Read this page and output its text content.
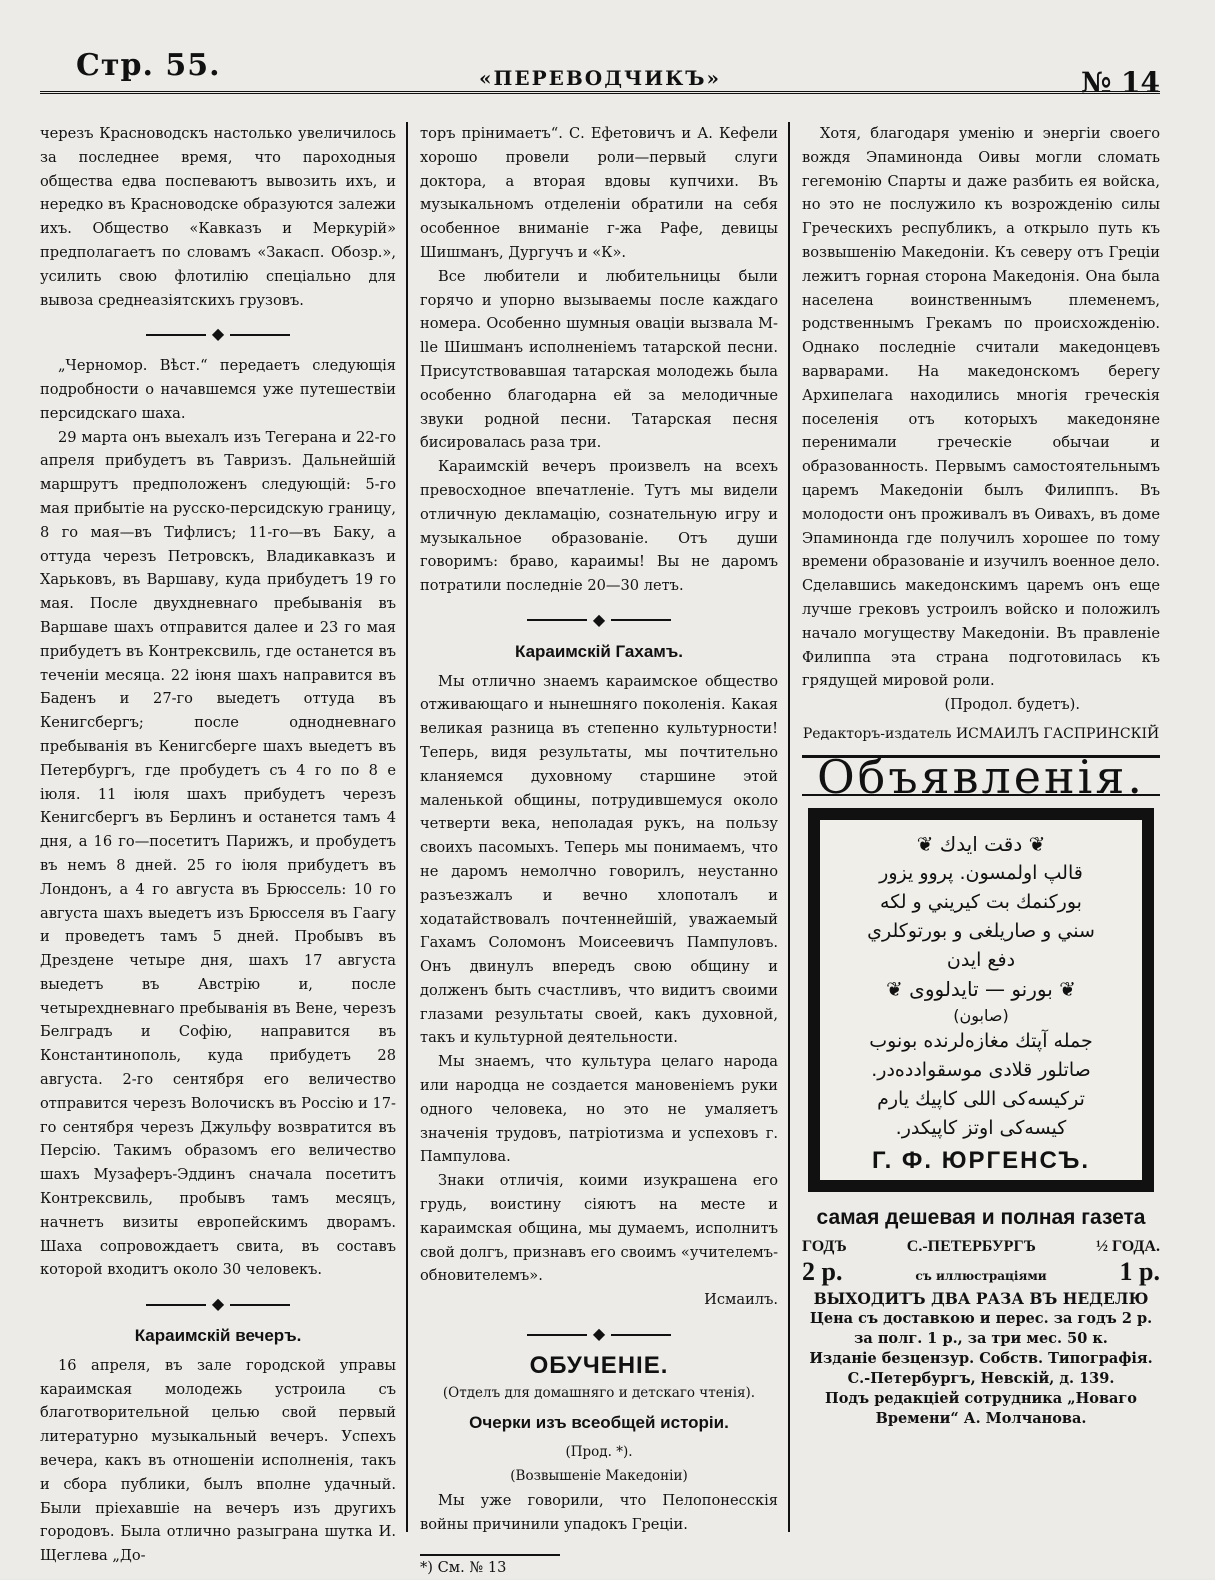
Стр. 55.	«ПЕРЕВОДЧИКЪ»	№ 14

черезъ Красноводскъ настолько увеличилось за последнее время, что пароходныя общества едва поспеваютъ вывозить ихъ, и нередко въ Красноводске образуются залежи ихъ. Общество «Кавказъ и Меркурiй» предполагаетъ по словамъ «Закасп. Обозр.», усилить свою флотилiю спецiально для вывоза среднеазiятскихъ грузовъ.

◆

„Черномор. Вѣст.“ передаетъ следующiя подробности о начавшемся уже путешествiи персидскаго шаха.

29 марта онъ выехалъ изъ Тегерана и 22-го апреля прибудетъ въ Тавризъ. Дальнейшiй маршрутъ предположенъ следующiй: 5-го мая прибытiе на русско-персидскую границу, 8 го мая—въ Тифлисъ; 11-го—въ Баку, а оттуда черезъ Петровскъ, Владикавказъ и Харьковъ, въ Варшаву, куда прибудетъ 19 го мая. После двухдневнаго пребыванiя въ Варшаве шахъ отправится далее и 23 го мая прибудетъ въ Контрексвиль, где останется въ теченiи месяца. 22 iюня шахъ направится въ Баденъ и 27-го выедетъ оттуда въ Кенигсбергъ; после однодневнаго пребыванiя въ Кенигсберге шахъ выедетъ въ Петербургъ, где пробудетъ съ 4 го по 8 е iюля. 11 iюля шахъ прибудетъ черезъ Кенигсбергъ въ Берлинъ и останется тамъ 4 дня, а 16 го—посетитъ Парижъ, и пробудетъ въ немъ 8 дней. 25 го iюля прибудетъ въ Лондонъ, а 4 го августа въ Брюссель: 10 го августа шахъ выедетъ изъ Брюсселя въ Гаагу и проведетъ тамъ 5 дней. Пробывъ въ Дрездене четыре дня, шахъ 17 августа выедетъ въ Австрiю и, после четырехдневнаго пребыванiя въ Вене, черезъ Белградъ и Софiю, направится въ Константинополь, куда прибудетъ 28 августа. 2-го сентября его величество отправится черезъ Волочискъ въ Россiю и 17-го сентября черезъ Джульфу возвратится въ Персiю. Такимъ образомъ его величество шахъ Музаферъ-Эддинъ сначала посетитъ Контрексвиль, пробывъ тамъ месяцъ, начнетъ визиты европейскимъ дворамъ. Шаха сопровождаетъ свита, въ составъ которой входитъ около 30 человекъ.

◆
Караимскiй вечеръ.

16 апреля, въ зале городской управы караимская молодежь устроила съ благотворительной целью свой первый литературно музыкальный вечеръ. Успехъ вечера, какъ въ отношенiи исполненiя, такъ и сбора публики, былъ вполне удачный. Были прiехавшiе на вечеръ изъ другихъ городовъ. Была отлично разыграна шутка И. Щеглева „До-

торъ прiнимаетъ“. С. Ефетовичъ и А. Кефели хорошо провели роли—первый слуги доктора, а вторая вдовы купчихи. Въ музыкальномъ отделенiи обратили на себя особенное вниманiе г-жа Рафе, девицы Шишманъ, Дургучъ и «К».

Все любители и любительницы были горячо и упорно вызываемы после каждаго номера. Особенно шумныя оваціи вызвала M-lle Шишманъ исполненiемъ татарской песни. Присутствовавшая татарская молодежь была особенно благодарна ей за мелодичные звуки родной песни. Татарская песня бисировалась раза три.

Караимскiй вечеръ произвелъ на всехъ превосходное впечатленiе. Тутъ мы видели отличную декламацiю, сознательную игру и музыкальное образованiе. Отъ души говоримъ: браво, караимы! Вы не даромъ потратили последнiе 20—30 летъ.

◆
Караимскiй Гахамъ.

Мы отлично знаемъ караимское общество отживающаго и нынешняго поколенiя. Какая великая разница въ степенно культурности! Теперь, видя результаты, мы почтительно кланяемся духовному старшине этой маленькой общины, потрудившемуся около четверти века, неполадая рукъ, на пользу своихъ пасомыхъ. Теперь мы понимаемъ, что не даромъ немолчно говорилъ, неустанно разъезжалъ и вечно хлопоталъ и ходатайствовалъ почтеннейшiй, уважаемый Гахамъ Соломонъ Моисеевичъ Пампуловъ. Онъ двинулъ впередъ свою общину и долженъ быть счастливъ, что видитъ своими глазами результаты своей, какъ духовной, такъ и культурной деятельности.

Мы знаемъ, что культура целаго народа или народца не создается мановенiемъ руки одного человека, но это не умаляетъ значенiя трудовъ, патрiотизма и успеховъ г. Пампулова.

Знаки отличiя, коими изукрашена его грудь, воистину сiяютъ на месте и караимская община, мы думаемъ, исполнитъ свой долгъ, признавъ его своимъ «учителемъ-обновителемъ».

Исмаилъ.
◆
ОБУЧЕНIЕ.
(Отделъ для домашняго и детскаго чтенiя).
Очерки изъ всеобщей исторiи.
(Прод. *).
(Возвышенiе Македонiи)

Мы уже говорили, что Пелопонесскiя войны причинили упадокъ Грецiи.

*) См. № 13

Хотя, благодаря уменiю и энергiи своего вождя Эпаминонда Оивы могли сломать гегемонiю Спарты и даже разбить ея войска, но это не послужило къ возрожденiю силы Греческихъ республикъ, а открыло путь къ возвышенiю Македонiи. Къ северу отъ Грецiи лежитъ горная сторона Македонiя. Она была населена воинственнымъ племенемъ, родственнымъ Грекамъ по происхожденiю. Однако последнiе считали македонцевъ варварами. На македонскомъ берегу Архипелага находились многiя греческiя поселенiя отъ которыхъ македоняне перенимали греческiе обычаи и образованность. Первымъ самостоятельнымъ царемъ Македонiи былъ Филиппъ. Въ молодости онъ проживалъ въ Оивахъ, въ доме Эпаминонда где получилъ хорошее по тому времени образованiе и изучилъ военное дело. Сделавшись македонскимъ царемъ онъ еще лучше грековъ устроилъ войско и положилъ начало могуществу Македонiи. Въ правленiе Филиппа эта страна подготовилась къ грядущей мировой роли.

(Продол. будетъ).
Редакторъ-издатель ИСМАИЛЪ ГАСПРИНСКIЙ
Объявленiя.
❦ دقت ايدك ❦
قالپ اولمسون. پروو يزور
بوركنمك بت كيريني و لكه
سني و صاريلغى و بورتوكلري
دفع ايدن
❦ بورنو — تايدلووى ❦
(صابون)
جمله آپتك مغازه‌لرنده بونوب
صاتلور قلادى موسقوادده‌در.
تركيسه‌كى اللى كاپيك يارم
كيسه‌كى اوتز كاپيكدر.
Г. Ф. ЮРГЕНСЪ.
самая дешевая и полная газета
ГОДЪ	С.-ПЕТЕРБУРГЪ	½ ГОДА.
2 р.	съ иллюстрацiями	1 р.
ВЫХОДИТЪ ДВА РАЗА ВЪ НЕДЕЛЮ
Цена съ доставкою и перес. за годъ 2 р.
за полг. 1 р., за три мес. 50 к.
Изданiе безцензур. Собств. Типографiя.
С.-Петербургъ, Невскiй, д. 139.
Подъ редакцiей сотрудника „Новаго
Времени“ А. Молчанова.
